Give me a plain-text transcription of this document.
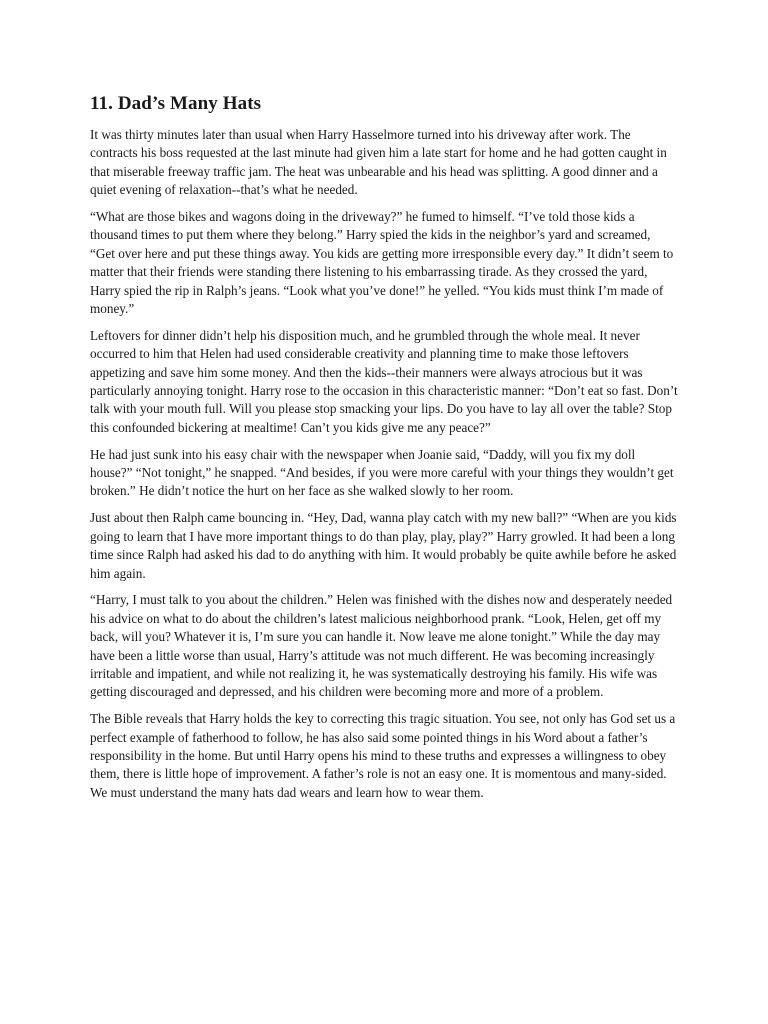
11. Dad’s Many Hats

It was thirty minutes later than usual when Harry Hasselmore turned into his driveway after work. The contracts his boss requested at the last minute had given him a late start for home and he had gotten caught in that miserable freeway traffic jam. The heat was unbearable and his head was splitting. A good dinner and a quiet evening of relaxation--that’s what he needed.

“What are those bikes and wagons doing in the driveway?” he fumed to himself. “I’ve told those kids a thousand times to put them where they belong.” Harry spied the kids in the neighbor’s yard and screamed, “Get over here and put these things away. You kids are getting more irresponsible every day.” It didn’t seem to matter that their friends were standing there listening to his embarrassing tirade. As they crossed the yard, Harry spied the rip in Ralph’s jeans. “Look what you’ve done!” he yelled. “You kids must think I’m made of money.”

Leftovers for dinner didn’t help his disposition much, and he grumbled through the whole meal. It never occurred to him that Helen had used considerable creativity and planning time to make those leftovers appetizing and save him some money. And then the kids--their manners were always atrocious but it was particularly annoying tonight. Harry rose to the occasion in this characteristic manner: “Don’t eat so fast. Don’t talk with your mouth full. Will you please stop smacking your lips. Do you have to lay all over the table? Stop this confounded bickering at mealtime! Can’t you kids give me any peace?”

He had just sunk into his easy chair with the newspaper when Joanie said, “Daddy, will you fix my doll house?” “Not tonight,” he snapped. “And besides, if you were more careful with your things they wouldn’t get broken.” He didn’t notice the hurt on her face as she walked slowly to her room.

Just about then Ralph came bouncing in. “Hey, Dad, wanna play catch with my new ball?” “When are you kids going to learn that I have more important things to do than play, play, play?” Harry growled. It had been a long time since Ralph had asked his dad to do anything with him. It would probably be quite awhile before he asked him again.

“Harry, I must talk to you about the children.” Helen was finished with the dishes now and desperately needed his advice on what to do about the children’s latest malicious neighborhood prank. “Look, Helen, get off my back, will you? Whatever it is, I’m sure you can handle it. Now leave me alone tonight.” While the day may have been a little worse than usual, Harry’s attitude was not much different. He was becoming increasingly irritable and impatient, and while not realizing it, he was systematically destroying his family. His wife was getting discouraged and depressed, and his children were becoming more and more of a problem.

The Bible reveals that Harry holds the key to correcting this tragic situation. You see, not only has God set us a perfect example of fatherhood to follow, he has also said some pointed things in his Word about a father’s responsibility in the home. But until Harry opens his mind to these truths and expresses a willingness to obey them, there is little hope of improvement. A father’s role is not an easy one. It is momentous and many-sided. We must understand the many hats dad wears and learn how to wear them.
